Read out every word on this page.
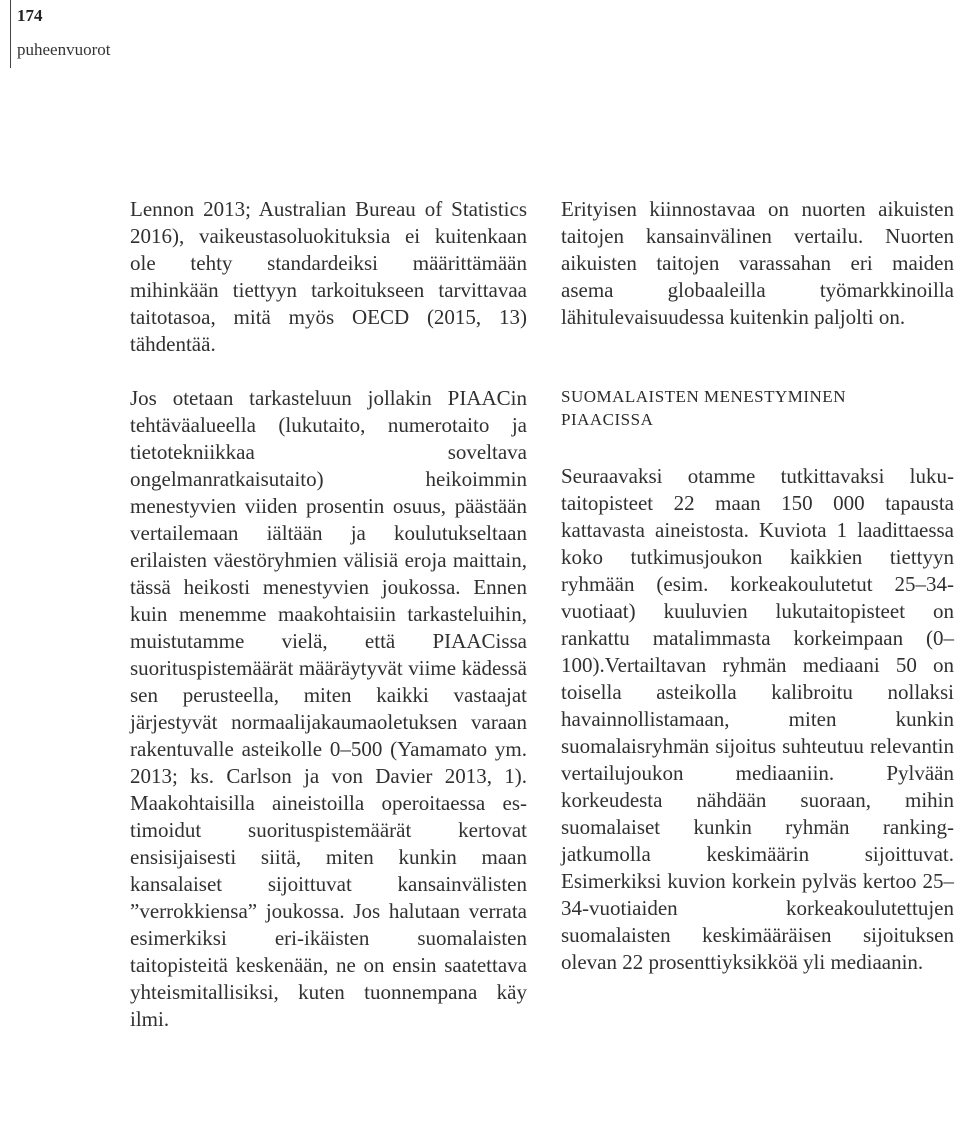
174
puheenvuorot

Lennon 2013; Australian Bureau of Statistics 2016), vaikeustasoluokituksia ei kuitenkaan ole tehty standardeiksi määrittämään mihinkään tiettyyn tarkoitukseen tarvittavaa taitotasoa, mitä myös OECD (2015, 13) tähdentää.

Jos otetaan tarkasteluun jollakin PIAACin tehtäväalueella (lukutaito, numerotaito ja tietotekniikkaa soveltava ongelmanratkaisutaito) heikoimmin menestyvien viiden prosentin osuus, päästään vertailemaan iältään ja koulutukseltaan erilaisten väestöryhmien välisiä eroja maittain, tässä heikosti menestyvien joukossa. Ennen kuin menemme maakohtaisiin tarkasteluihin, muistutamme vielä, että PIAACissa suorituspistemäärät määräytyvät viime kädessä sen perusteella, miten kaikki vastaajat järjestyvät normaalijakaumaoletuksen varaan rakentuvalle asteikolle 0–500 (Yamamato ym. 2013; ks. Carlson ja von Davier 2013, 1). Maakohtaisilla aineistoilla operoitaessa estimoidut suorituspistemäärät kertovat ensisijaisesti siitä, miten kunkin maan kansalaiset sijoittuvat kansainvälisten ”verrokkiensa” joukossa. Jos halutaan verrata esimerkiksi eri-ikäisten suomalaisten taitopisteitä keskenään, ne on ensin saatettava yhteismitallisiksi, kuten tuonnempana käy ilmi.

Erityisen kiinnostavaa on nuorten aikuisten taitojen kansainvälinen vertailu. Nuorten aikuisten taitojen varassahan eri maiden asema globaaleilla työmarkkinoilla lähitulevaisuudessa kuitenkin paljolti on.

SUOMALAISTEN MENESTYMINEN
PIAACISSA

Seuraavaksi otamme tutkittavaksi lukutaitopisteet 22 maan 150 000 tapausta kattavasta aineistosta. Kuviota 1 laadittaessa koko tutkimusjoukon kaikkien tiettyyn ryhmään (esim. korkeakoulutetut 25–34-vuotiaat) kuuluvien lukutaitopisteet on rankattu matalimmasta korkeimpaan (0–100).Vertailtavan ryhmän mediaani 50 on toisella asteikolla kalibroitu nollaksi havainnollistamaan, miten kunkin suomalaisryhmän sijoitus suhteutuu relevantin vertailujoukon mediaaniin. Pylvään korkeudesta nähdään suoraan, mihin suomalaiset kunkin ryhmän ranking-jatkumolla keskimäärin sijoittuvat. Esimerkiksi kuvion korkein pylväs kertoo 25–34-vuotiaiden korkeakoulutettujen suomalaisten keskimääräisen sijoituksen olevan 22 prosenttiyksikköä yli mediaanin.
